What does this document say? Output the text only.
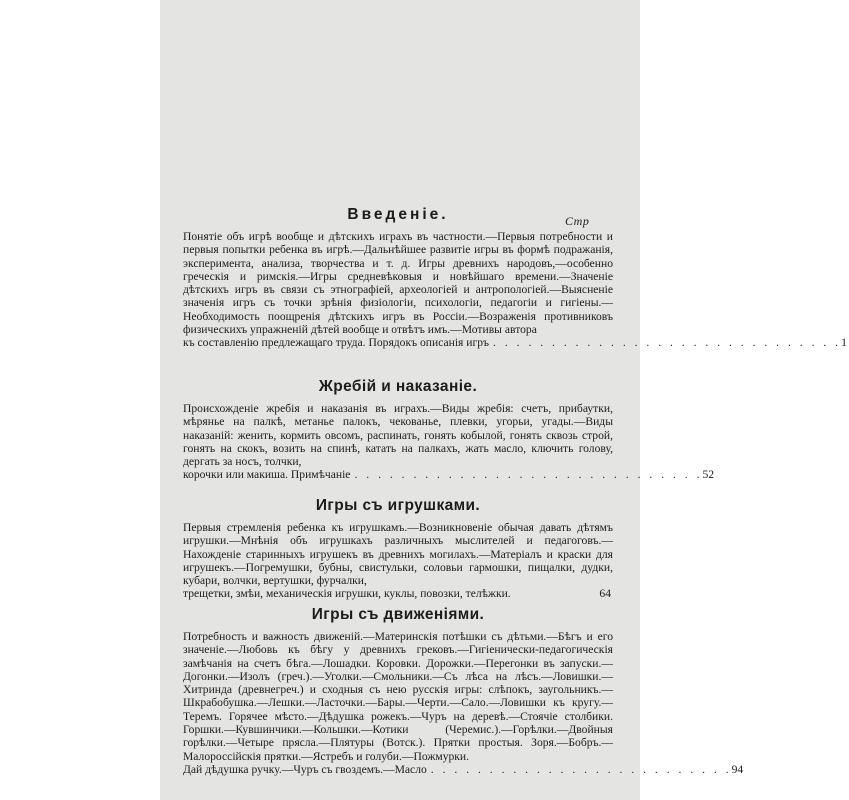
Стр
Введеніе.

Понятіе объ игрѣ вообще и дѣтскихъ играхъ въ частности.—Первыя потребности и первыя попытки ребенка въ игрѣ.—Дальнѣйшее развитіе игры въ формѣ подражанія, эксперимента, анализа, творчества и т. д. Игры древнихъ народовъ,—особенно греческія и римскія.—Игры средневѣковыя и новѣйшаго времени.—Значеніе дѣтскихъ игръ въ связи съ этнографіей, археологіей и антропологіей.—Выясненіе значенія игръ съ точки зрѣнія физіологіи, психологіи, педагогіи и гигіены.—Необходимость поощренія дѣтскихъ игръ въ Россіи.—Возраженія противниковъ физическихъ упражненій дѣтей вообще и отвѣтъ имъ.—Мотивы автора

къ составленію предлежащаго труда. Порядокъ описанія игръ . . . . . . . . . . . . . . . . . . . . . . . . . . . . . . 1
Жребій и наказаніе.

Происхожденіе жребія и наказанія въ играхъ.—Виды жребія: счетъ, прибаутки, мѣрянье на палкѣ, метанье палокъ, чекованье, плевки, угорьи, угады.—Виды наказаній: женить, кормить овсомъ, распинать, гонять кобылой, гонять сквозь строй, гонять на скокъ, возить на спинѣ, катать на палкахъ, жать масло, ключить голову, дергать за носъ, толчки,

корочки или макиша. Примѣчаніе . . . . . . . . . . . . . . . . . . . . . . . . . . . . . . 52
Игры съ игрушками.

Первыя стремленія ребенка къ игрушкамъ.—Возникновеніе обычая давать дѣтямъ игрушки.—Мнѣнія объ игрушкахъ различныхъ мыслителей и педагоговъ.—Нахожденіе старинныхъ игрушекъ въ древнихъ могилахъ.—Матеріалъ и краски для игрушекъ.—Погремушки, бубны, свистульки, соловьи гармошки, пищалки, дудки, кубари, волчки, вертушки, фурчалки,

трещетки, змѣи, механическія игрушки, куклы, повозки, телѣжки.	64
Игры съ движеніями.

Потребность и важность движеній.—Материнскія потѣшки съ дѣтьми.—Бѣгъ и его значеніе.—Любовь къ бѣгу у древнихъ грековъ.—Гигіенически-педагогическія замѣчанія на счетъ бѣга.—Лошадки. Коровки. Дорожки.—Перегонки въ запуски.—Догонки.—Изолъ (греч.).—Уголки.—Смольники.—Съ лѣса на лѣсъ.—Ловишки.—Хитринда (древнегреч.) и сходныя съ нею русскія игры: слѣпокъ, заугольникъ.—Шкрабобушка.—Лешки.—Ласточки.—Бары.—Черти.—Сало.—Ловишки къ кругу.—Теремъ. Горячее мѣсто.—Дѣдушка рожекъ.—Чуръ на деревѣ.—Стоячіе столбики. Горшки.—Кувшинчики.—Кольшки.—Котики (Черемис.).—Горѣлки.—Двойныя горѣлки.—Четыре прясла.—Плятуры (Вотск.). Прятки простыя. Зоря.—Бобръ.—Малороссійскія прятки.—Ястребъ и голуби.—Пожмурки.

Дай дѣдушка ручку.—Чуръ съ гвоздемъ.—Масло . . . . . . . . . . . . . . . . . . . . . . . . . . 94
